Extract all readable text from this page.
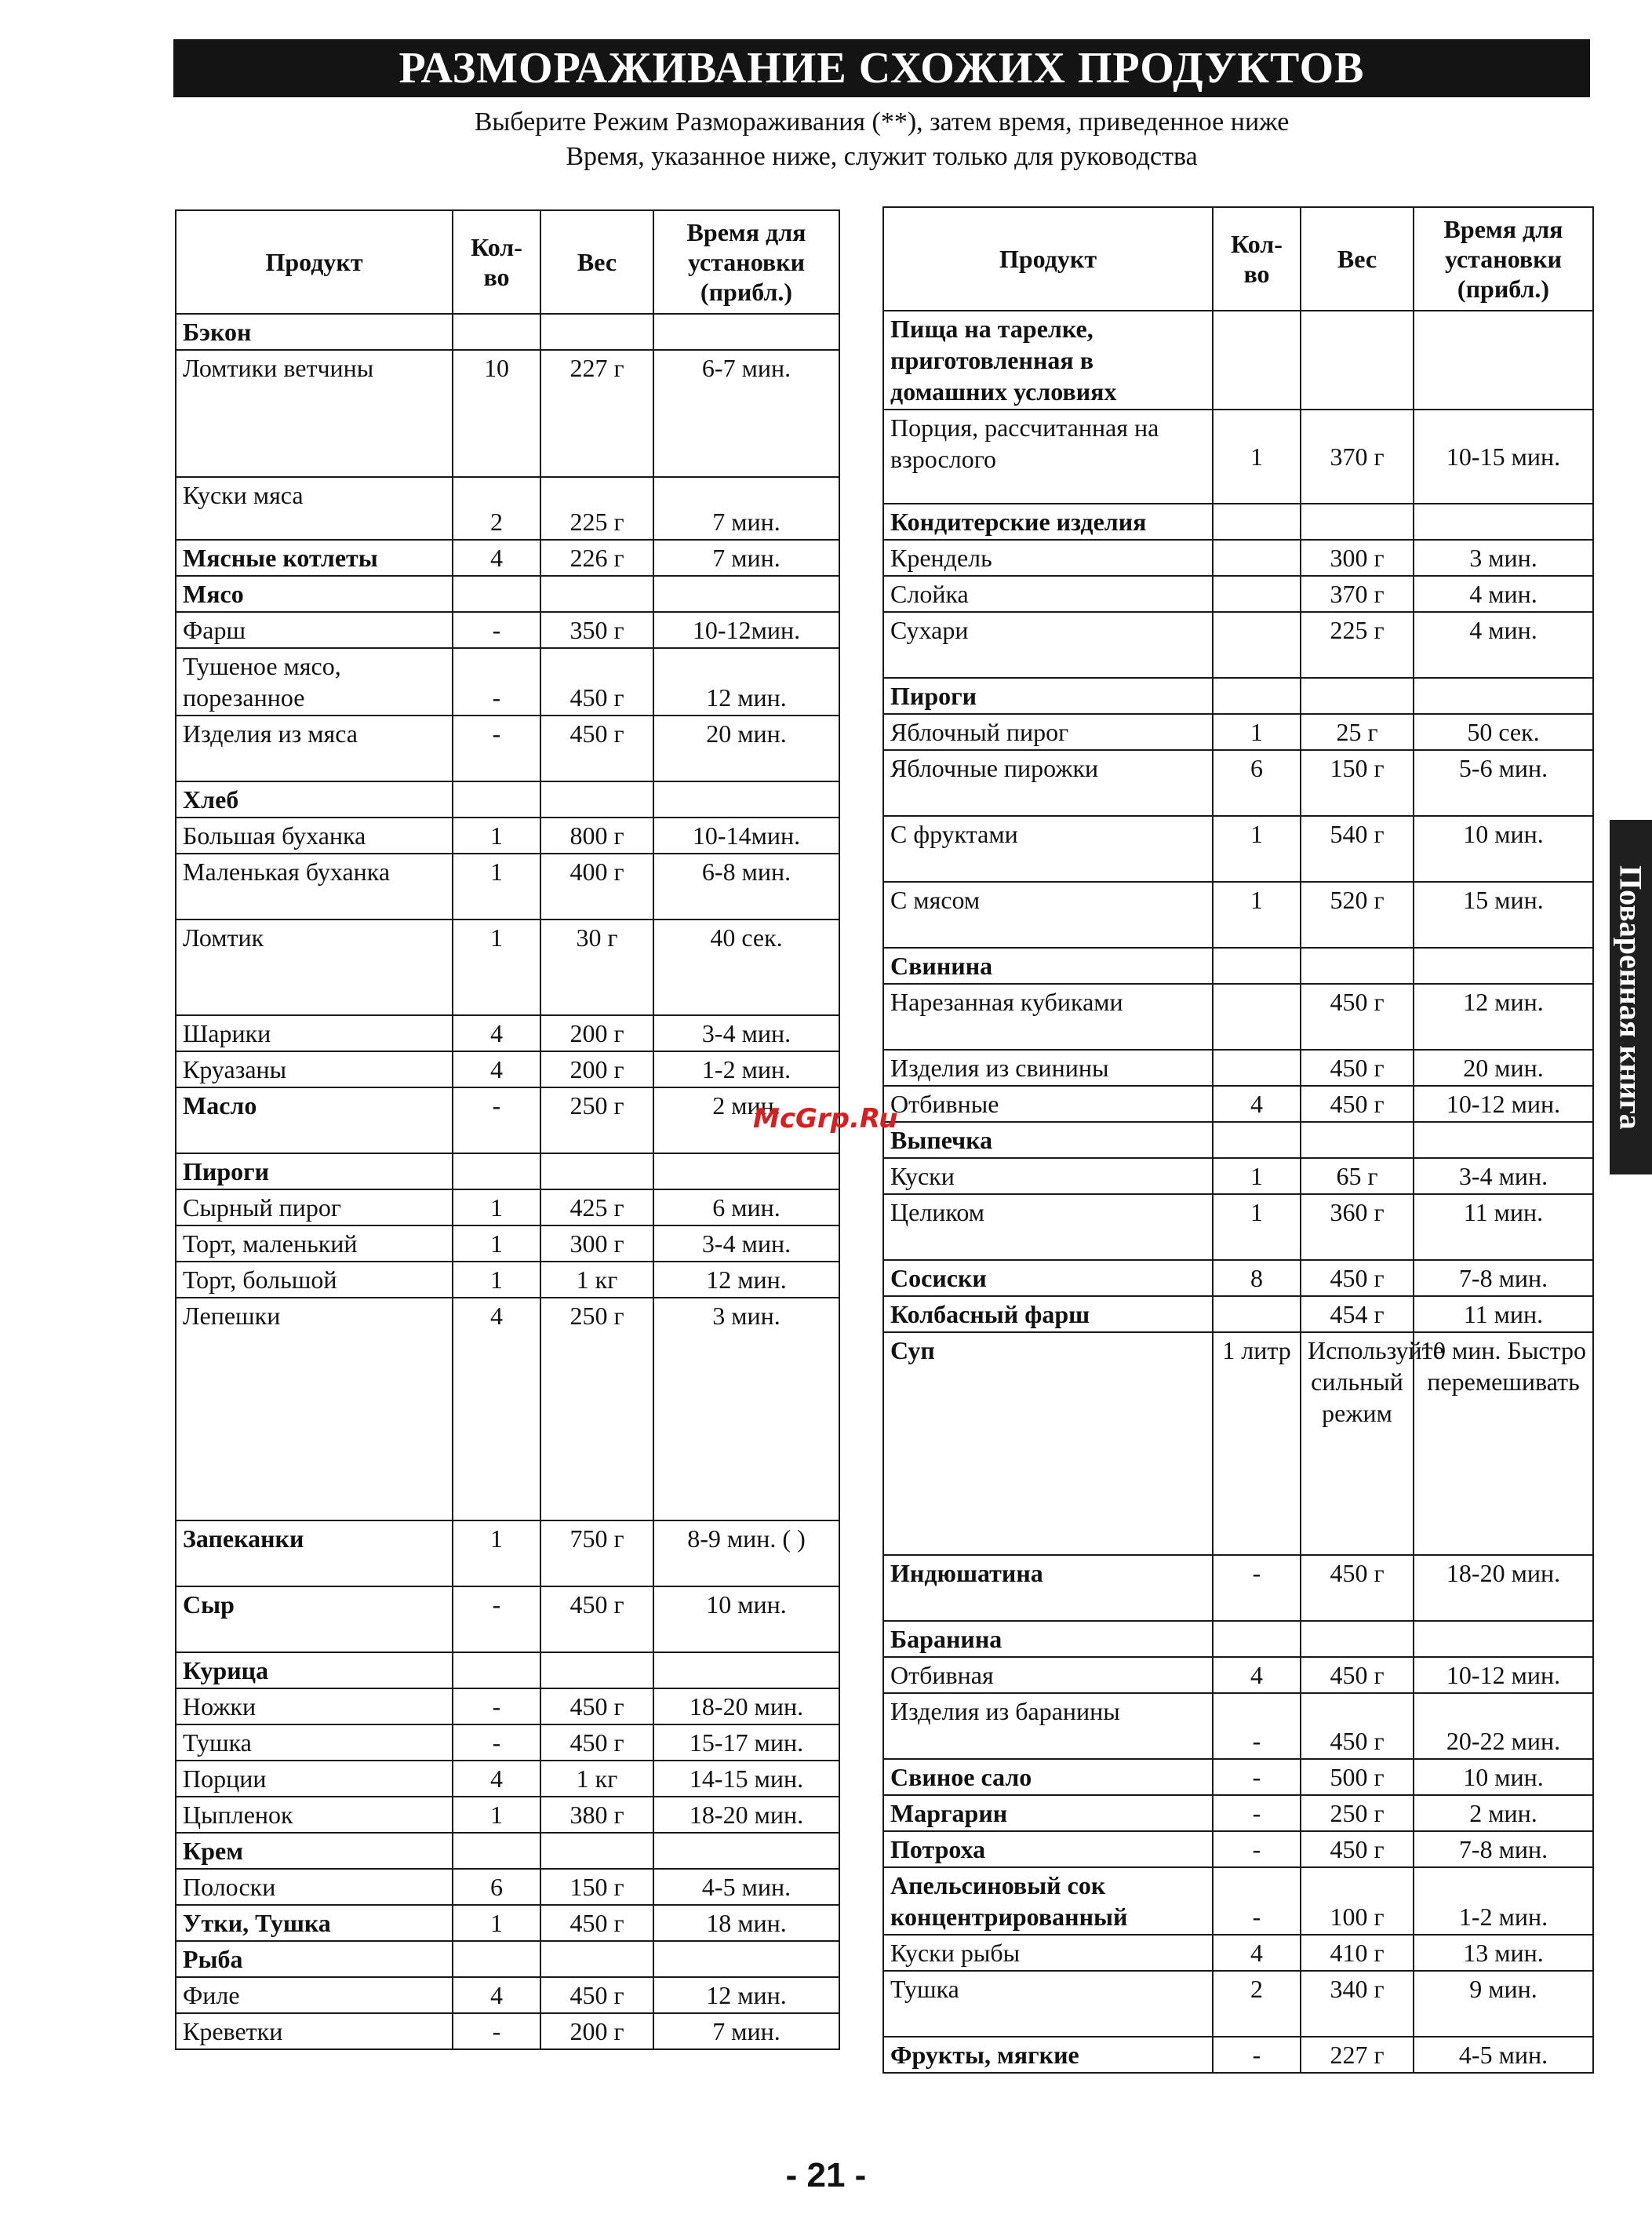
РАЗМОРАЖИВАНИЕ СХОЖИХ ПРОДУКТОВ
Выберите Режим Размораживания (**), затем время, приведенное ниже
Время, указанное ниже, служит только для руководства
Продукт	Кол-во	Вес	Время для установки (прибл.)
Бэкон			
Ломтики ветчины	10	227 г	6-7 мин.
Куски мяса	2	225 г	7 мин.
Мясные котлеты	4	226 г	7 мин.
Мясо			
Фарш	-	350 г	10-12мин.
Тушеное мясо, порезанное	-	450 г	12 мин.
Изделия из мяса	-	450 г	20 мин.
Хлеб			
Большая буханка	1	800 г	10-14мин.
Маленькая буханка	1	400 г	6-8 мин.
Ломтик	1	30 г	40 сек.
Шарики	4	200 г	3-4 мин.
Круазаны	4	200 г	1-2 мин.
Масло	-	250 г	2 мин.
Пироги			
Сырный пирог	1	425 г	6 мин.
Торт, маленький	1	300 г	3-4 мин.
Торт, большой	1	1 кг	12 мин.
Лепешки	4	250 г	3 мин.
Запеканки	1	750 г	8-9 мин. ( )
Сыр	-	450 г	10 мин.
Курица			
Ножки	-	450 г	18-20 мин.
Тушка	-	450 г	15-17 мин.
Порции	4	1 кг	14-15 мин.
Цыпленок	1	380 г	18-20 мин.
Крем			
Полоски	6	150 г	4-5 мин.
Утки, Тушка	1	450 г	18 мин.
Рыба			
Филе	4	450 г	12 мин.
Креветки	-	200 г	7 мин.
Продукт	Кол-во	Вес	Время для установки (прибл.)
Пища на тарелке, приготовленная в домашних условиях			
Порция, рассчитанная на взрослого	1	370 г	10-15 мин.
Кондитерские изделия			
Крендель		300 г	3 мин.
Слойка		370 г	4 мин.
Сухари		225 г	4 мин.
Пироги			
Яблочный пирог	1	25 г	50 сек.
Яблочные пирожки	6	150 г	5-6 мин.
С фруктами	1	540 г	10 мин.
С мясом	1	520 г	15 мин.
Свинина			
Нарезанная кубиками		450 г	12 мин.
Изделия из свинины		450 г	20 мин.
Отбивные	4	450 г	10-12 мин.
Выпечка			
Куски	1	65 г	3-4 мин.
Целиком	1	360 г	11 мин.
Сосиски	8	450 г	7-8 мин.
Колбасный фарш		454 г	11 мин.
Суп	1 литр	Используйте сильный режим	10 мин. Быстро перемешивать
Индюшатина	-	450 г	18-20 мин.
Баранина			
Отбивная	4	450 г	10-12 мин.
Изделия из баранины	-	450 г	20-22 мин.
Свиное сало	-	500 г	10 мин.
Маргарин	-	250 г	2 мин.
Потроха	-	450 г	7-8 мин.
Апельсиновый сок концентрированный	-	100 г	1-2 мин.
Куски рыбы	4	410 г	13 мин.
Тушка	2	340 г	9 мин.
Фрукты, мягкие	-	227 г	4-5 мин.
Поваренная книга
McGrp.Ru
- 21 -
